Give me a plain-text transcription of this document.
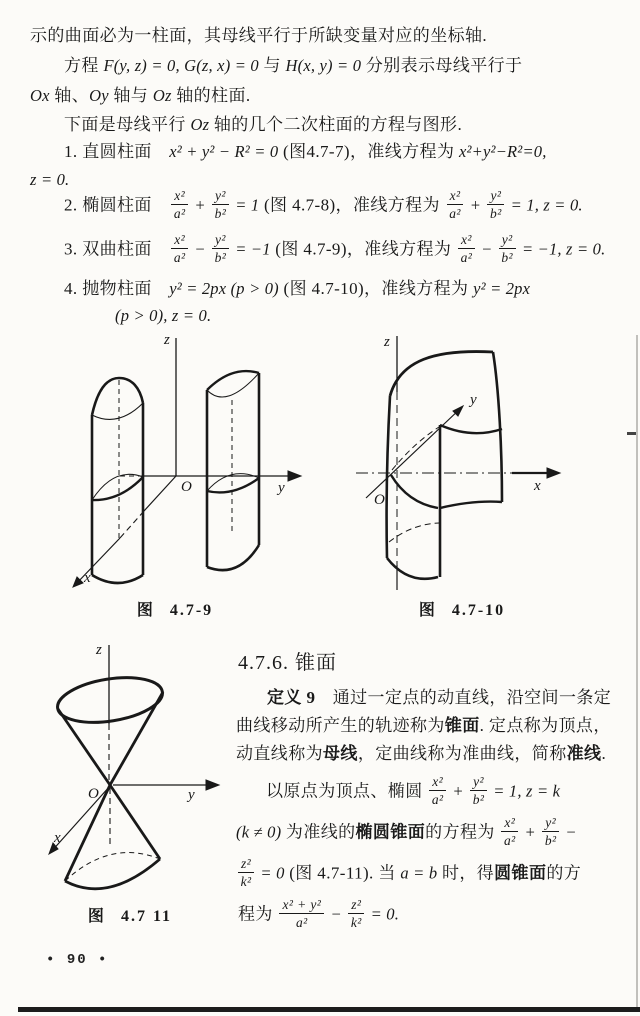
示的曲面必为一柱面，其母线平行于所缺变量对应的坐标轴.
方程 F(y, z) = 0, G(z, x) = 0 与 H(x, y) = 0 分别表示母线平行于
Ox 轴、Oy 轴与 Oz 轴的柱面.
下面是母线平行 Oz 轴的几个二次柱面的方程与图形.
1. 直圆柱面　x² + y² − R² = 0 (图4.7-7)，准线方程为 x²+y²−R²=0,
z = 0.
2. 椭圆柱面　 $\frac{\text{x²}}{\text{a²}} + \frac{\text{y²}}{\text{b²}} = 1$ (图 4.7-8)，准线方程为 $\frac{\text{x²}}{\text{a²}} + \frac{\text{y²}}{\text{b²}} = 1$, z = 0.
3. 双曲柱面　 $\frac{\text{x²}}{\text{a²}} - \frac{\text{y²}}{\text{b²}} = -1$ (图 4.7-9)，准线方程为 $\frac{\text{x²}}{\text{a²}} - \frac{\text{y²}}{\text{b²}} = -1$, z = 0.
4. 抛物柱面　y² = 2px (p > 0) (图 4.7-10)，准线方程为 y² = 2px
(p > 0), z = 0.
z
y
x
O
图 4.7-9
z
y
x
O
图 4.7-10
4.7.6. 锥面
定义 9　通过一定点的动直线，沿空间一条定
曲线移动所产生的轨迹称为锥面. 定点称为顶点，
动直线称为母线，定曲线称为准曲线，简称准线.
以原点为顶点、椭圆 $\frac{\text{x²}}{\text{a²}} + \frac{\text{y²}}{\text{b²}} = 1$, z = k
(k ≠ 0) 为准线的椭圆锥面的方程为 $\frac{\text{x²}}{\text{a²}} + \frac{\text{y²}}{\text{b²}}$ −
$\frac{\text{z²}}{\text{k²}} = 0$ (图 4.7-11). 当 a = b 时，得圆锥面的方
程为 $\frac{\text{x² + y²}}{\text{a²}} - \frac{\text{z²}}{\text{k²}} = 0$.
z
y
x
O
图 4.7 11
• 90 •
